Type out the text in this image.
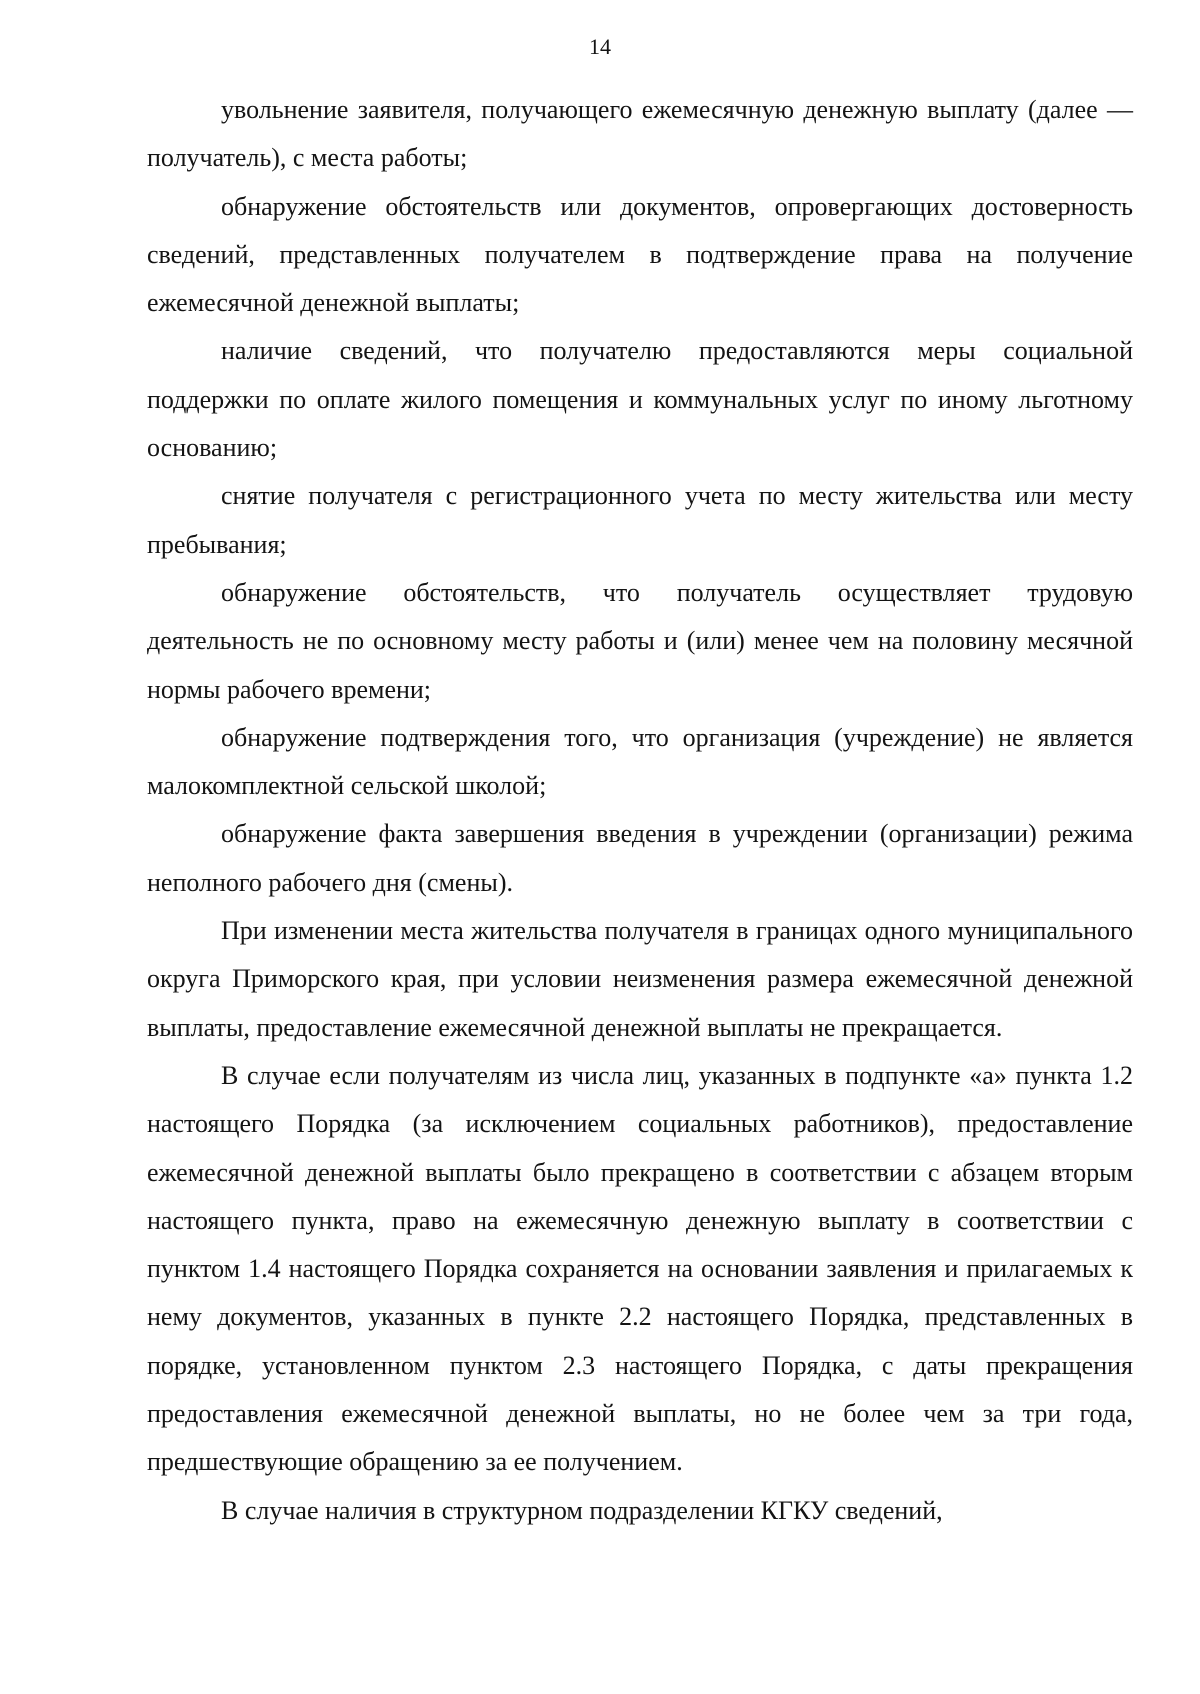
14

увольнение заявителя, получающего ежемесячную денежную выплату (далее — получатель), с места работы;

обнаружение обстоятельств или документов, опровергающих достоверность сведений, представленных получателем в подтверждение права на получение ежемесячной денежной выплаты;

наличие сведений, что получателю предоставляются меры социальной поддержки по оплате жилого помещения и коммунальных услуг по иному льготному основанию;

снятие получателя с регистрационного учета по месту жительства или месту пребывания;

обнаружение обстоятельств, что получатель осуществляет трудовую деятельность не по основному месту работы и (или) менее чем на половину месячной нормы рабочего времени;

обнаружение подтверждения того, что организация (учреждение) не является малокомплектной сельской школой;

обнаружение факта завершения введения в учреждении (организации) режима неполного рабочего дня (смены).

При изменении места жительства получателя в границах одного муниципального округа Приморского края, при условии неизменения размера ежемесячной денежной выплаты, предоставление ежемесячной денежной выплаты не прекращается.

В случае если получателям из числа лиц, указанных в подпункте «а» пункта 1.2 настоящего Порядка (за исключением социальных работников), предоставление ежемесячной денежной выплаты было прекращено в соответствии с абзацем вторым настоящего пункта, право на ежемесячную денежную выплату в соответствии с пунктом 1.4 настоящего Порядка сохраняется на основании заявления и прилагаемых к нему документов, указанных в пункте 2.2 настоящего Порядка, представленных в порядке, установленном пунктом 2.3 настоящего Порядка, с даты прекращения предоставления ежемесячной денежной выплаты, но не более чем за три года, предшествующие обращению за ее получением.

В случае наличия в структурном подразделении КГКУ сведений,
